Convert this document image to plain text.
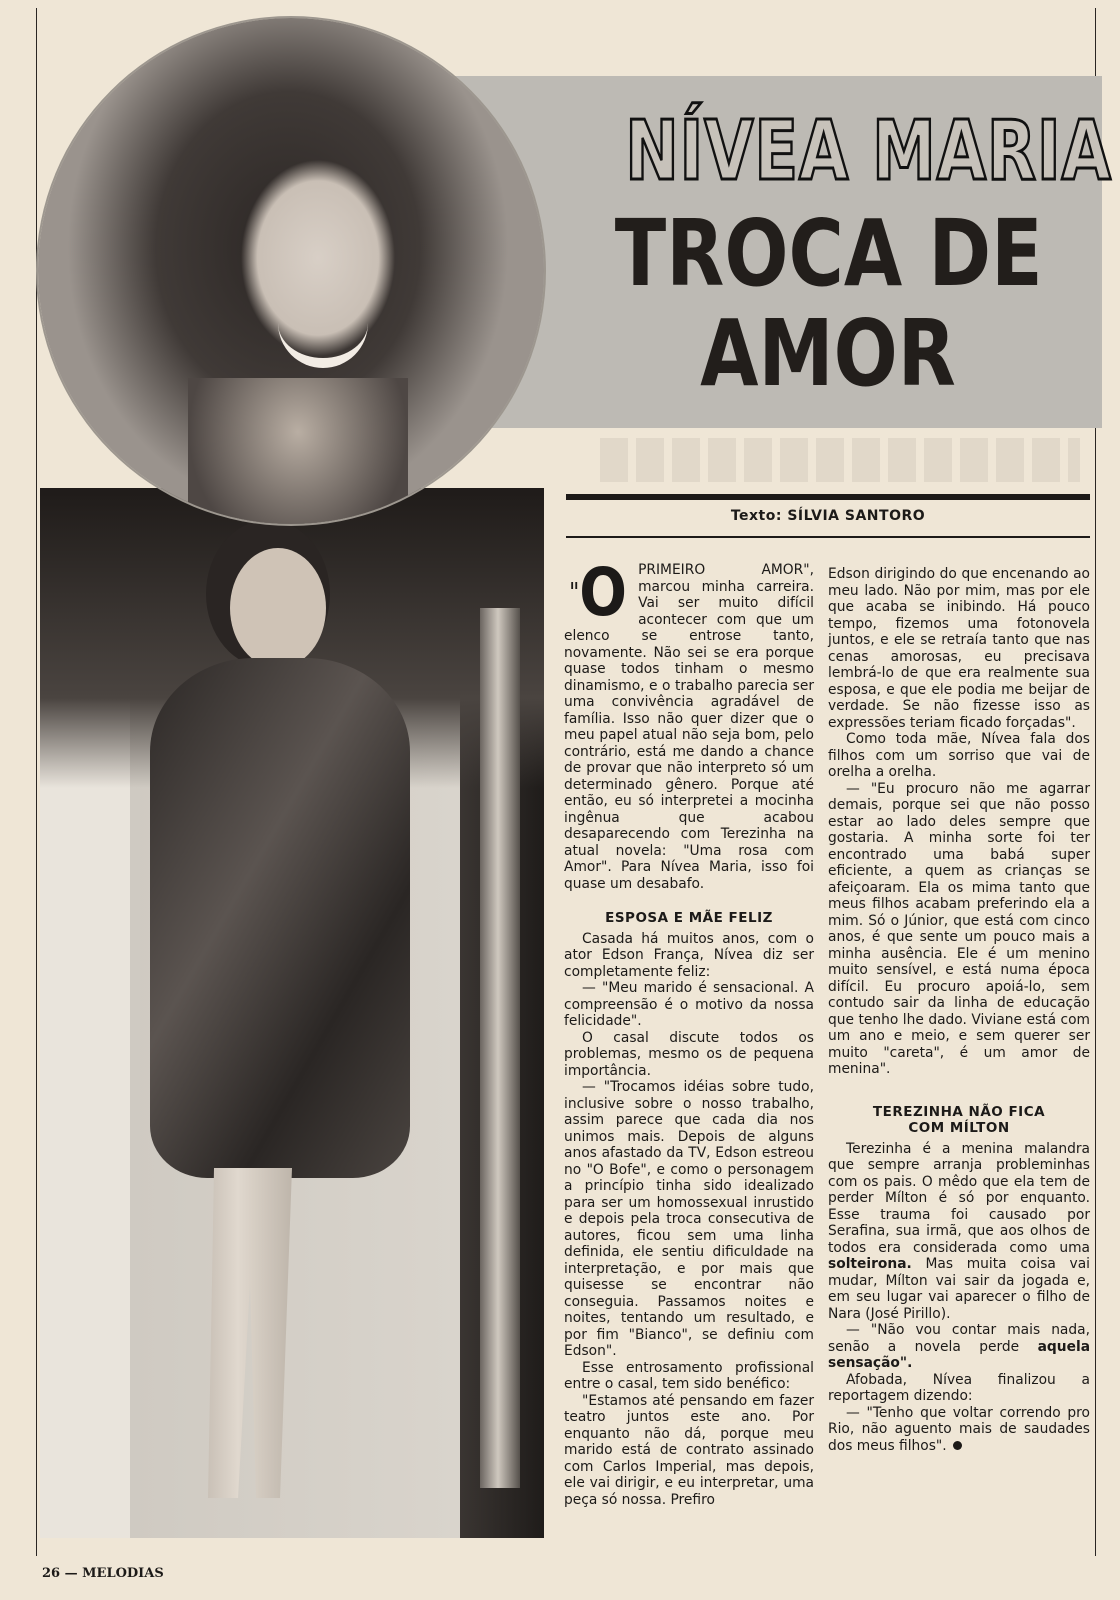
NÍVEA MARIA
TROCA DE
AMOR
Texto: SÍLVIA SANTORO
"O PRIMEIRO AMOR", marcou minha carreira. Vai ser muito difícil acontecer com que um elenco se entrose tanto, novamente. Não sei se era porque quase todos tinham o mesmo dinamismo, e o trabalho parecia ser uma convivência agradável de família. Isso não quer dizer que o meu papel atual não seja bom, pelo contrário, está me dando a chance de provar que não interpreto só um determinado gênero. Porque até então, eu só interpretei a mocinha ingênua que acabou desaparecendo com Terezinha na atual novela: "Uma rosa com Amor". Para Nívea Maria, isso foi quase um desabafo.

ESPOSA E MÃE FELIZ

Casada há muitos anos, com o ator Edson França, Nívea diz ser completamente feliz:

— "Meu marido é sensacional. A compreensão é o motivo da nossa felicidade".

O casal discute todos os problemas, mesmo os de pequena importância.

— "Trocamos idéias sobre tudo, inclusive sobre o nosso trabalho, assim parece que cada dia nos unimos mais. Depois de alguns anos afastado da TV, Edson estreou no "O Bofe", e como o personagem a princípio tinha sido idealizado para ser um homossexual inrustido e depois pela troca consecutiva de autores, ficou sem uma linha definida, ele sentiu dificuldade na interpretação, e por mais que quisesse se encontrar não conseguia. Passamos noites e noites, tentando um resultado, e por fim "Bianco", se definiu com Edson".

Esse entrosamento profissional entre o casal, tem sido benéfico:

"Estamos até pensando em fazer teatro juntos este ano. Por enquanto não dá, porque meu marido está de contrato assinado com Carlos Imperial, mas depois, ele vai dirigir, e eu interpretar, uma peça só nossa. Prefiro

Edson dirigindo do que encenando ao meu lado. Não por mim, mas por ele que acaba se inibindo. Há pouco tempo, fizemos uma fotonovela juntos, e ele se retraía tanto que nas cenas amorosas, eu precisava lembrá-lo de que era realmente sua esposa, e que ele podia me beijar de verdade. Se não fizesse isso as expressões teriam ficado forçadas".

Como toda mãe, Nívea fala dos filhos com um sorriso que vai de orelha a orelha.

— "Eu procuro não me agarrar demais, porque sei que não posso estar ao lado deles sempre que gostaria. A minha sorte foi ter encontrado uma babá super eficiente, a quem as crianças se afeiçoaram. Ela os mima tanto que meus filhos acabam preferindo ela a mim. Só o Júnior, que está com cinco anos, é que sente um pouco mais a minha ausência. Ele é um menino muito sensível, e está numa época difícil. Eu procuro apoiá-lo, sem contudo sair da linha de educação que tenho lhe dado. Viviane está com um ano e meio, e sem querer ser muito "careta", é um amor de menina".

TEREZINHA NÃO FICA
COM MÍLTON

Terezinha é a menina malandra que sempre arranja probleminhas com os pais. O mêdo que ela tem de perder Mílton é só por enquanto. Esse trauma foi causado por Serafina, sua irmã, que aos olhos de todos era considerada como uma solteirona. Mas muita coisa vai mudar, Mílton vai sair da jogada e, em seu lugar vai aparecer o filho de Nara (José Pirillo).

— "Não vou contar mais nada, senão a novela perde aquela sensação".

Afobada, Nívea finalizou a reportagem dizendo:

— "Tenho que voltar correndo pro Rio, não aguento mais de saudades dos meus filhos".

26 — MELODIAS
